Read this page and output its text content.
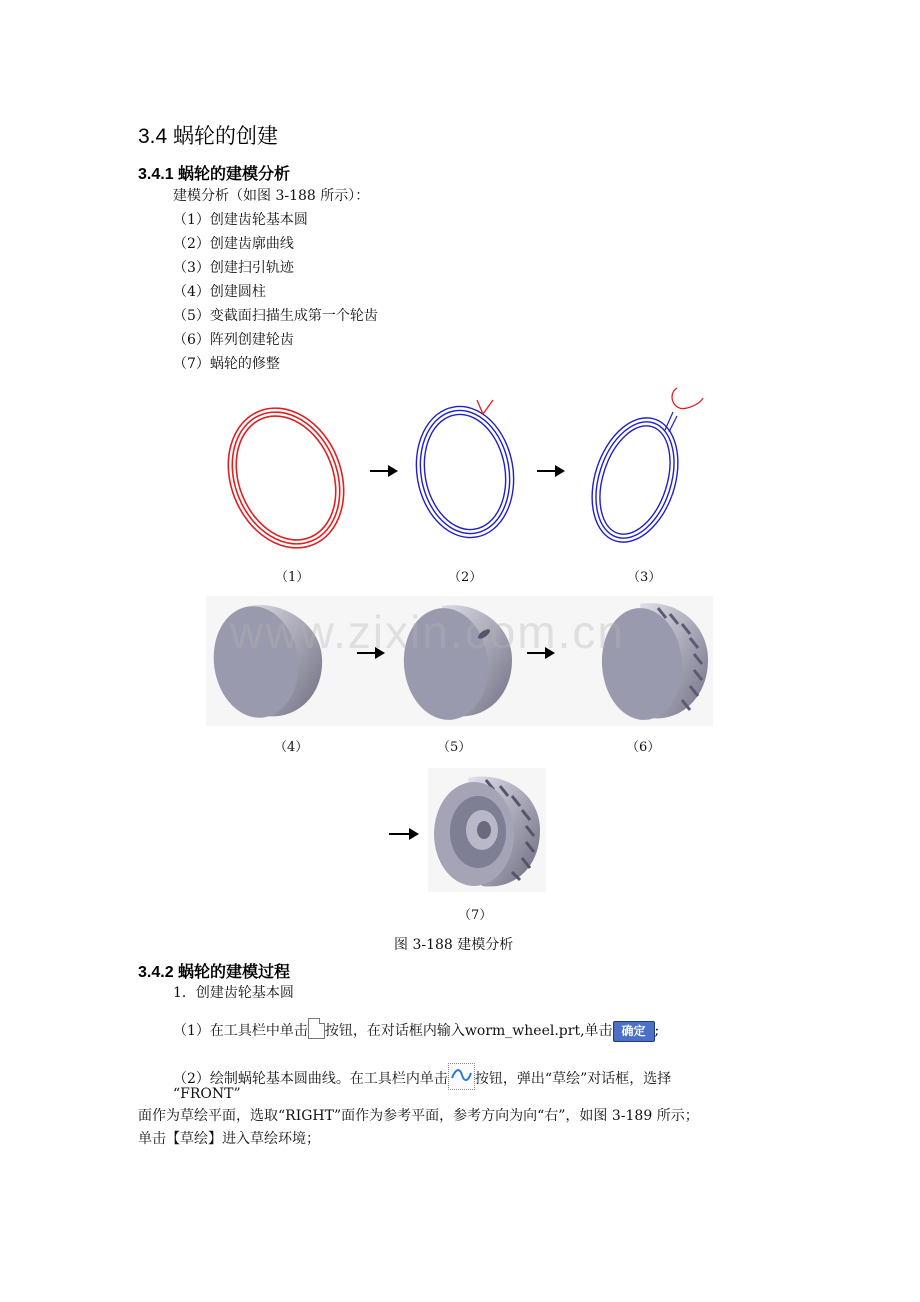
3.4 蜗轮的创建
3.4.1 蜗轮的建模分析
建模分析（如图 3-188 所示）：
（1）创建齿轮基本圆
（2）创建齿廓曲线
（3）创建扫引轨迹
（4）创建圆柱
（5）变截面扫描生成第一个轮齿
（6）阵列创建轮齿
（7）蜗轮的修整
（1）	（2）	（3）
www.zixin.com.cn
（4）	（5）	（6）
（7）
图 3-188 建模分析
3.4.2 蜗轮的建模过程
1．创建齿轮基本圆
（1）在工具栏中单击 按钮，在对话框内输入worm_wheel.prt,单击 确定 ;
（2）绘制蜗轮基本圆曲线。在工具栏内单击 按钮，弹出“草绘”对话框，选择
“FRONT”
面作为草绘平面，选取“RIGHT”面作为参考平面，参考方向为向“右”，如图 3-189 所示；
单击【草绘】进入草绘环境；
